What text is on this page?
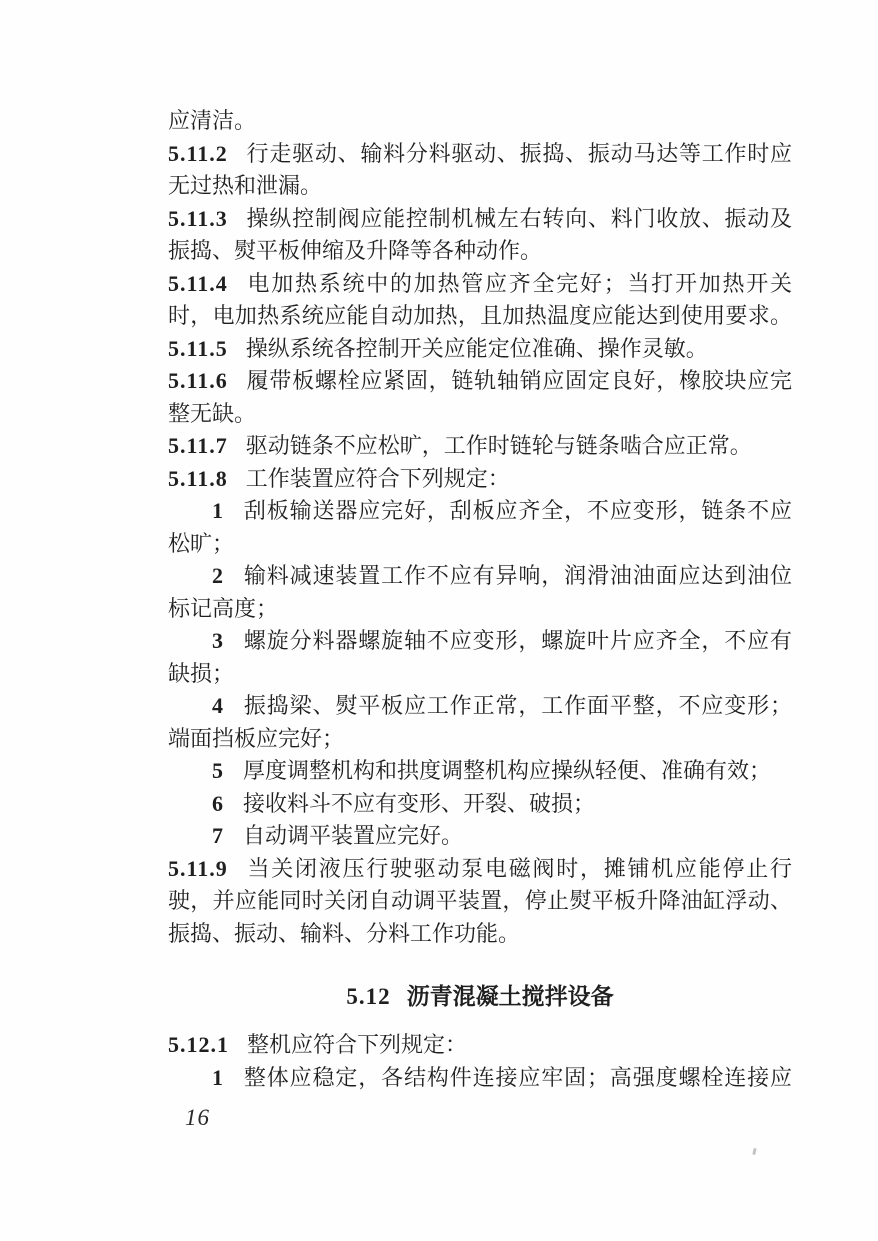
应清洁。
5.11.2 行走驱动、输料分料驱动、振捣、振动马达等工作时应
无过热和泄漏。
5.11.3 操纵控制阀应能控制机械左右转向、料门收放、振动及
振捣、熨平板伸缩及升降等各种动作。
5.11.4 电加热系统中的加热管应齐全完好；当打开加热开关
时，电加热系统应能自动加热，且加热温度应能达到使用要求。
5.11.5 操纵系统各控制开关应能定位准确、操作灵敏。
5.11.6 履带板螺栓应紧固，链轨轴销应固定良好，橡胶块应完
整无缺。
5.11.7 驱动链条不应松旷，工作时链轮与链条啮合应正常。
5.11.8 工作装置应符合下列规定：
1 刮板输送器应完好，刮板应齐全，不应变形，链条不应
松旷；
2 输料减速装置工作不应有异响，润滑油油面应达到油位
标记高度；
3 螺旋分料器螺旋轴不应变形，螺旋叶片应齐全，不应有
缺损；
4 振捣梁、熨平板应工作正常，工作面平整，不应变形；
端面挡板应完好；
5 厚度调整机构和拱度调整机构应操纵轻便、准确有效；
6 接收料斗不应有变形、开裂、破损；
7 自动调平装置应完好。
5.11.9 当关闭液压行驶驱动泵电磁阀时，摊铺机应能停止行
驶，并应能同时关闭自动调平装置，停止熨平板升降油缸浮动、
振捣、振动、输料、分料工作功能。
5.12 沥青混凝土搅拌设备
5.12.1 整机应符合下列规定：
1 整体应稳定，各结构件连接应牢固；高强度螺栓连接应
16
